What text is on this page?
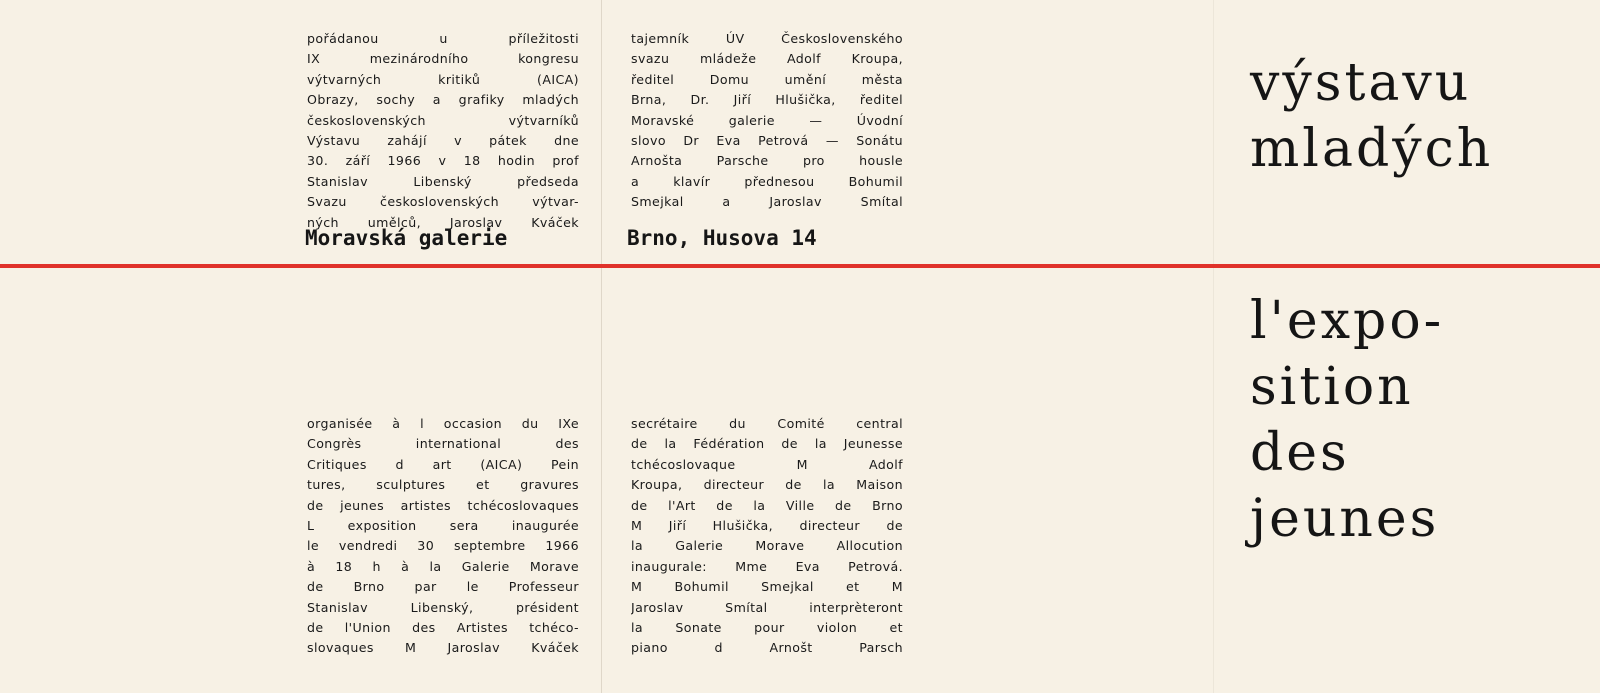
pořádanou u příležitosti
IX mezinárodního kongresu
výtvarných kritiků (AICA)
Obrazy, sochy a grafiky mladých
československých výtvarníků
Výstavu zahájí v pátek dne
30. září 1966 v 18 hodin prof
Stanislav Libenský předseda
Svazu československých výtvar-
ných umělců, Jaroslav Kváček
tajemník ÚV Československého
svazu mládeže Adolf Kroupa,
ředitel Domu umění města
Brna, Dr. Jiří Hlušička, ředitel
Moravské galerie — Úvodní
slovo Dr Eva Petrová — Sonátu
Arnošta Parsche pro housle
a klavír přednesou Bohumil
Smejkal a Jaroslav Smítal
Moravská galerie	Brno, Husova 14
organisée à l occasion du IXe
Congrès international des
Critiques d art (AICA) Pein
tures, sculptures et gravures
de jeunes artistes tchécoslovaques
L exposition sera inaugurée
le vendredi 30 septembre 1966
à 18 h à la Galerie Morave
de Brno par le Professeur
Stanislav Libenský, président
de l'Union des Artistes tchéco-
slovaques M Jaroslav Kváček
secrétaire du Comité central
de la Fédération de la Jeunesse
tchécoslovaque M Adolf
Kroupa, directeur de la Maison
de l'Art de la Ville de Brno
M Jiří Hlušička, directeur de
la Galerie Morave Allocution
inaugurale: Mme Eva Petrová.
M Bohumil Smejkal et M
Jaroslav Smítal interprèteront
la Sonate pour violon et
piano d Arnošt Parsch
výstavu
mladých
l'expo-
sition
des
jeunes
